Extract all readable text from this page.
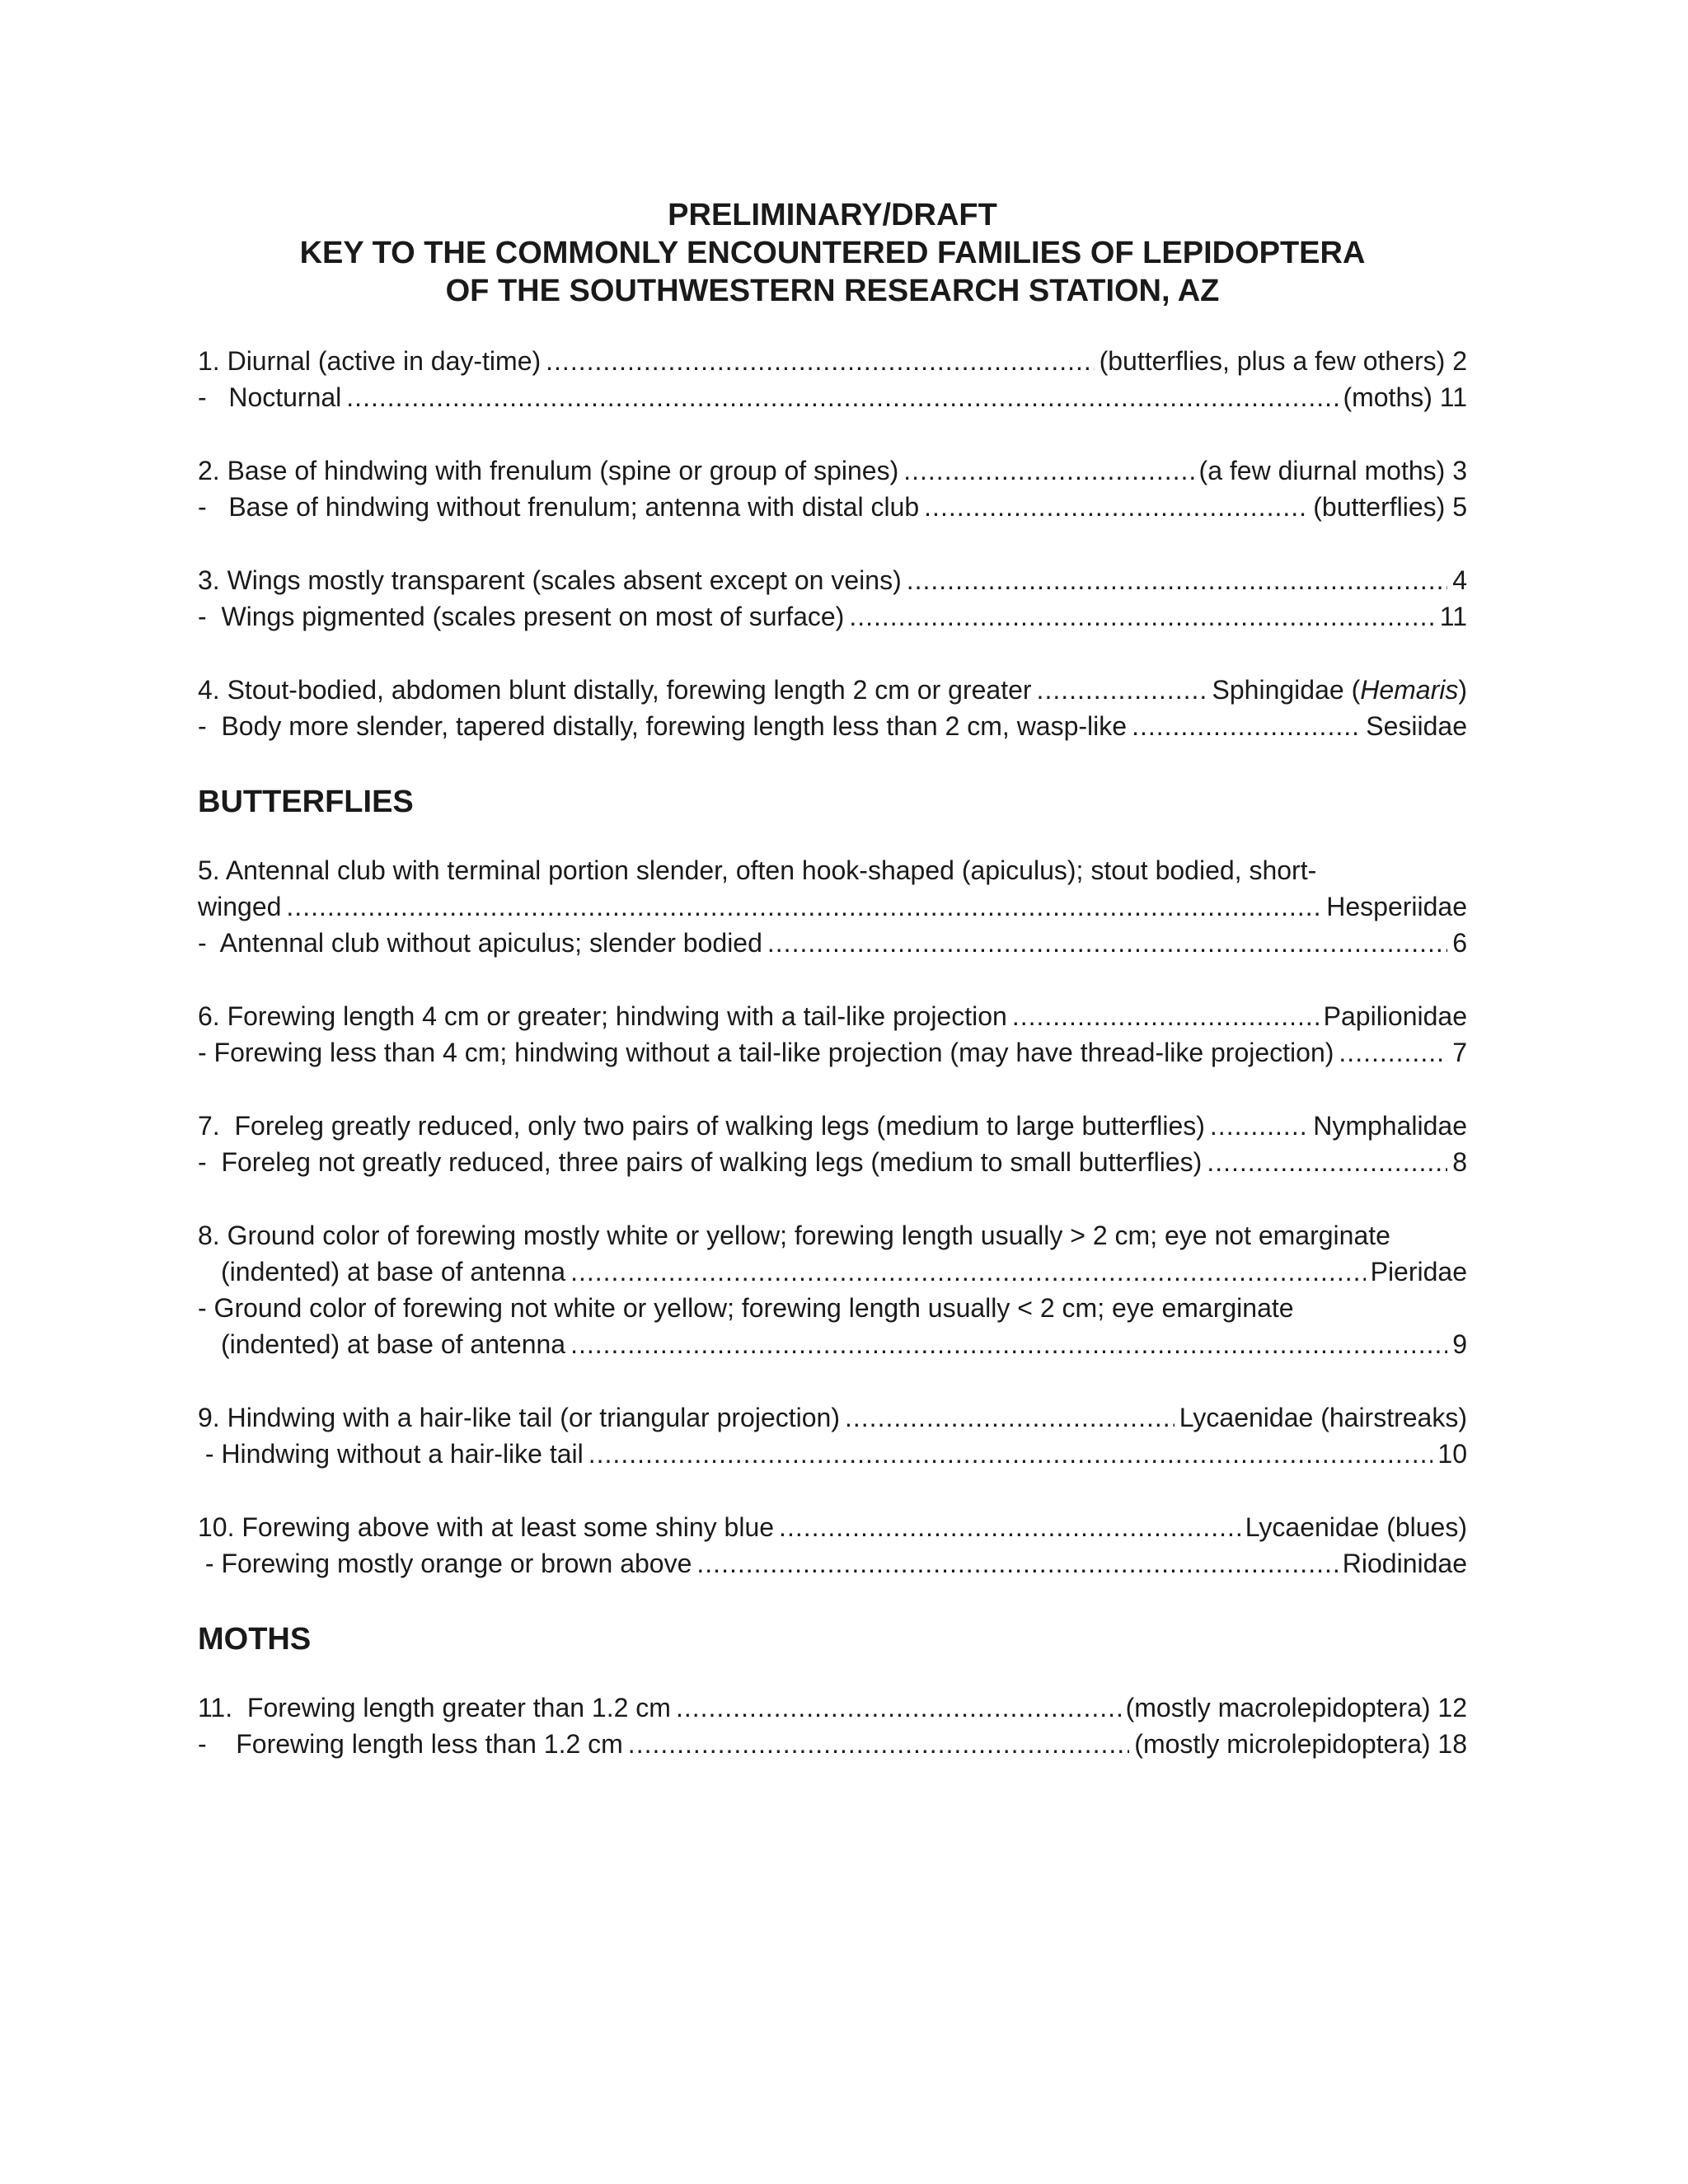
PRELIMINARY/DRAFT

KEY TO THE COMMONLY ENCOUNTERED FAMILIES OF LEPIDOPTERA

OF THE SOUTHWESTERN RESEARCH STATION, AZ

1. Diurnal (active in day-time) .....	(butterflies, plus a few others) 2
-   Nocturnal .....	(moths) 11
2. Base of hindwing with frenulum (spine or group of spines) .....	(a few diurnal moths) 3
-   Base of hindwing without frenulum; antenna with distal club .....	(butterflies) 5
3. Wings mostly transparent (scales absent except on veins) .....	4
-  Wings pigmented (scales present on most of surface) .....	11
4. Stout-bodied, abdomen blunt distally, forewing length 2 cm or greater .....	Sphingidae (Hemaris)
-  Body more slender, tapered distally, forewing length less than 2 cm, wasp-like .....	Sesiidae
BUTTERFLIES
5. Antennal club with terminal portion slender, often hook-shaped (apiculus); stout bodied, short-
winged .....	Hesperiidae
-  Antennal club without apiculus; slender bodied .....	6
6. Forewing length 4 cm or greater; hindwing with a tail-like projection .....	Papilionidae
- Forewing less than 4 cm; hindwing without a tail-like projection (may have thread-like projection) .....	7
7.  Foreleg greatly reduced, only two pairs of walking legs (medium to large butterflies) .....	Nymphalidae
-  Foreleg not greatly reduced, three pairs of walking legs (medium to small butterflies) .....	8
8. Ground color of forewing mostly white or yellow; forewing length usually > 2 cm; eye not emarginate
(indented) at base of antenna .....	Pieridae
- Ground color of forewing not white or yellow; forewing length usually < 2 cm; eye emarginate
(indented) at base of antenna .....	9
9. Hindwing with a hair-like tail (or triangular projection) .....	Lycaenidae (hairstreaks)
- Hindwing without a hair-like tail .....	10
10. Forewing above with at least some shiny blue .....	Lycaenidae (blues)
- Forewing mostly orange or brown above .....	Riodinidae
MOTHS
11.  Forewing length greater than 1.2 cm .....	(mostly macrolepidoptera) 12
-    Forewing length less than 1.2 cm .....	(mostly microlepidoptera) 18
